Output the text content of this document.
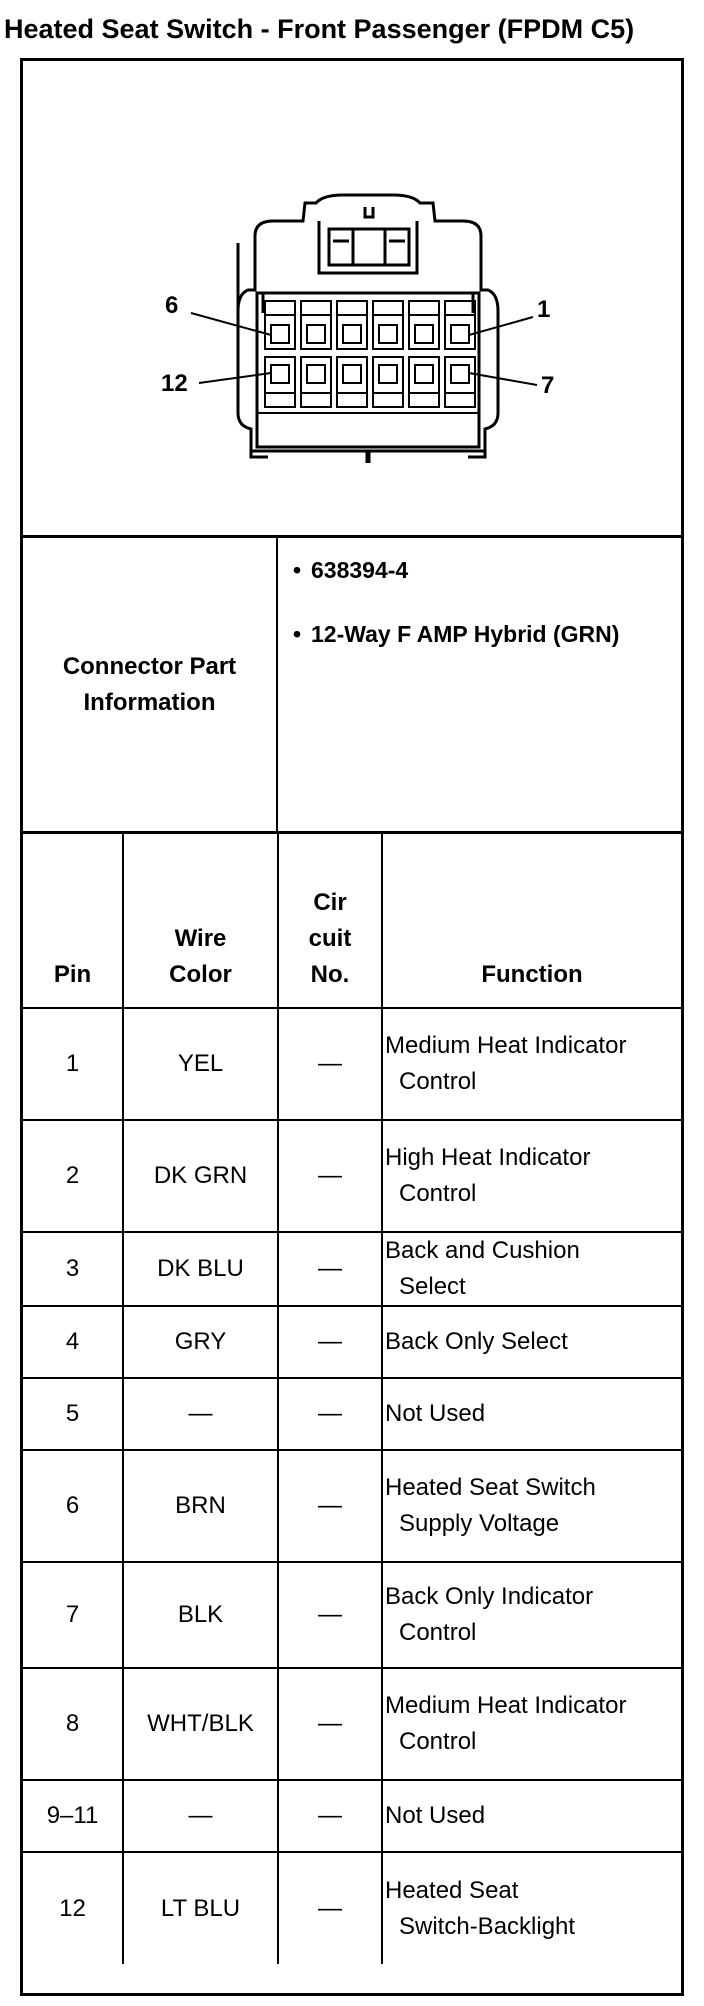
Heated Seat Switch - Front Passenger (FPDM C5)
6	1
12	7
Connector Part Information
• 638394-4
• 12-Way F AMP Hybrid (GRN)
Pin	Wire Color	Cir cuit No.	Function
1	YEL	—	Medium Heat Indicator
Control

2	DK GRN	—	High Heat Indicator
Control

3	DK BLU	—	Back and Cushion
Select

4	GRY	—	Back Only Select

5	—	—	Not Used

6	BRN	—	Heated Seat Switch
Supply Voltage

7	BLK	—	Back Only Indicator
Control

8	WHT/BLK	—	Medium Heat Indicator
Control

9–11	—	—	Not Used

12	LT BLU	—	Heated Seat
Switch-Backlight
